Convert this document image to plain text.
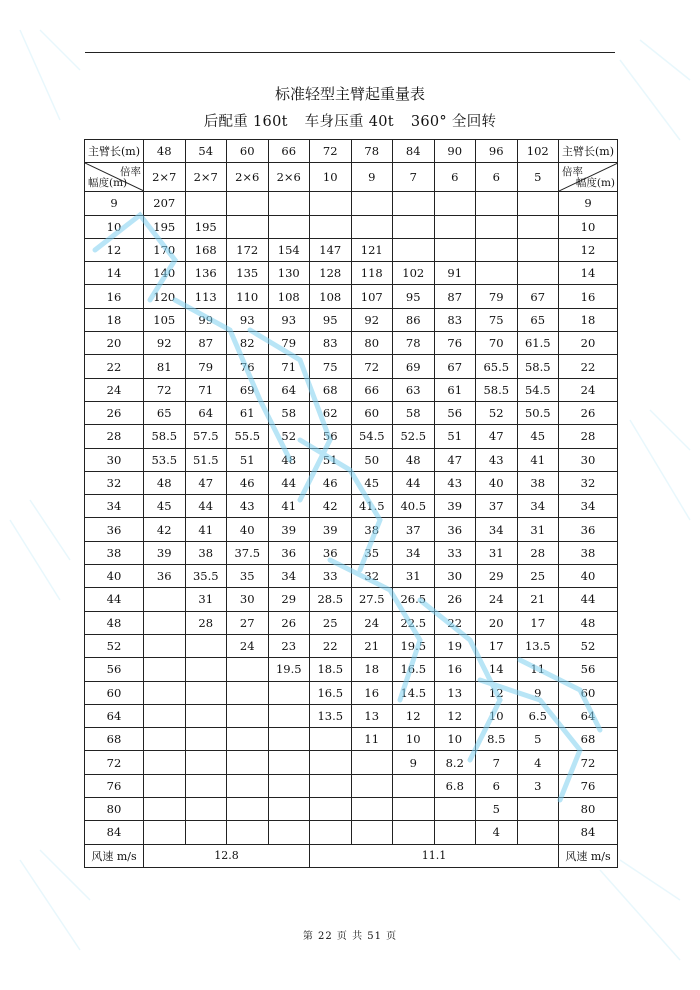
标准轻型主臂起重量表
后配重 160t 车身压重 40t 360° 全回转
主臂长(m)	48	54	60	66	72	78	84	90	96	102	主臂长(m)

倍率
幅度(m)	2×7	2×7	2×6	2×6	10	9	7	6	6	5	倍率
幅度(m)

9	207										9
10	195	195									10
12	170	168	172	154	147	121					12
14	140	136	135	130	128	118	102	91			14
16	120	113	110	108	108	107	95	87	79	67	16
18	105	99	93	93	95	92	86	83	75	65	18
20	92	87	82	79	83	80	78	76	70	61.5	20
22	81	79	76	71	75	72	69	67	65.5	58.5	22
24	72	71	69	64	68	66	63	61	58.5	54.5	24
26	65	64	61	58	62	60	58	56	52	50.5	26
28	58.5	57.5	55.5	52	56	54.5	52.5	51	47	45	28
30	53.5	51.5	51	48	51	50	48	47	43	41	30
32	48	47	46	44	46	45	44	43	40	38	32
34	45	44	43	41	42	41.5	40.5	39	37	34	34
36	42	41	40	39	39	38	37	36	34	31	36
38	39	38	37.5	36	36	35	34	33	31	28	38
40	36	35.5	35	34	33	32	31	30	29	25	40
44		31	30	29	28.5	27.5	26.5	26	24	21	44
48		28	27	26	25	24	22.5	22	20	17	48
52			24	23	22	21	19.5	19	17	13.5	52
56				19.5	18.5	18	16.5	16	14	11	56
60					16.5	16	14.5	13	12	9	60
64					13.5	13	12	12	10	6.5	64
68						11	10	10	8.5	5	68
72							9	8.2	7	4	72
76								6.8	6	3	76
80									5		80
84									4		84
风速 m/s	12.8				11.1						风速 m/s
第 22 页 共 51 页
